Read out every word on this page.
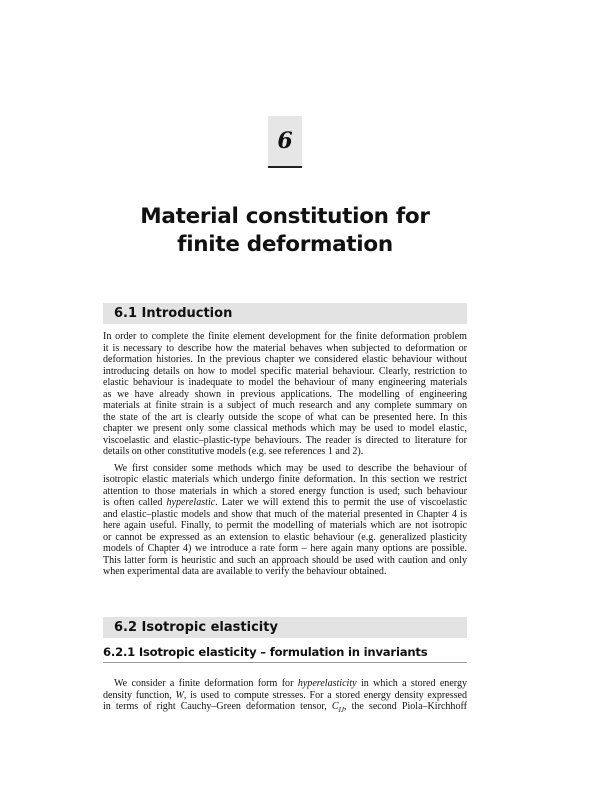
6
Material constitution for
finite deformation
6.1 Introduction
In order to complete the finite element development for the finite deformation problem
it is necessary to describe how the material behaves when subjected to deformation or
deformation histories. In the previous chapter we considered elastic behaviour without
introducing details on how to model specific material behaviour. Clearly, restriction to
elastic behaviour is inadequate to model the behaviour of many engineering materials
as we have already shown in previous applications. The modelling of engineering
materials at finite strain is a subject of much research and any complete summary on
the state of the art is clearly outside the scope of what can be presented here. In this
chapter we present only some classical methods which may be used to model elastic,
viscoelastic and elastic–plastic-type behaviours. The reader is directed to literature for
details on other constitutive models (e.g. see references 1 and 2).
We first consider some methods which may be used to describe the behaviour of
isotropic elastic materials which undergo finite deformation. In this section we restrict
attention to those materials in which a stored energy function is used; such behaviour
is often called hyperelastic. Later we will extend this to permit the use of viscoelastic
and elastic–plastic models and show that much of the material presented in Chapter 4 is
here again useful. Finally, to permit the modelling of materials which are not isotropic
or cannot be expressed as an extension to elastic behaviour (e.g. generalized plasticity
models of Chapter 4) we introduce a rate form – here again many options are possible.
This latter form is heuristic and such an approach should be used with caution and only
when experimental data are available to verify the behaviour obtained.
6.2 Isotropic elasticity
6.2.1 Isotropic elasticity – formulation in invariants
We consider a finite deformation form for hyperelasticity in which a stored energy
density function, W, is used to compute stresses. For a stored energy density expressed
in terms of right Cauchy–Green deformation tensor, $C_{IJ}$, the second Piola–Kirchhoff
